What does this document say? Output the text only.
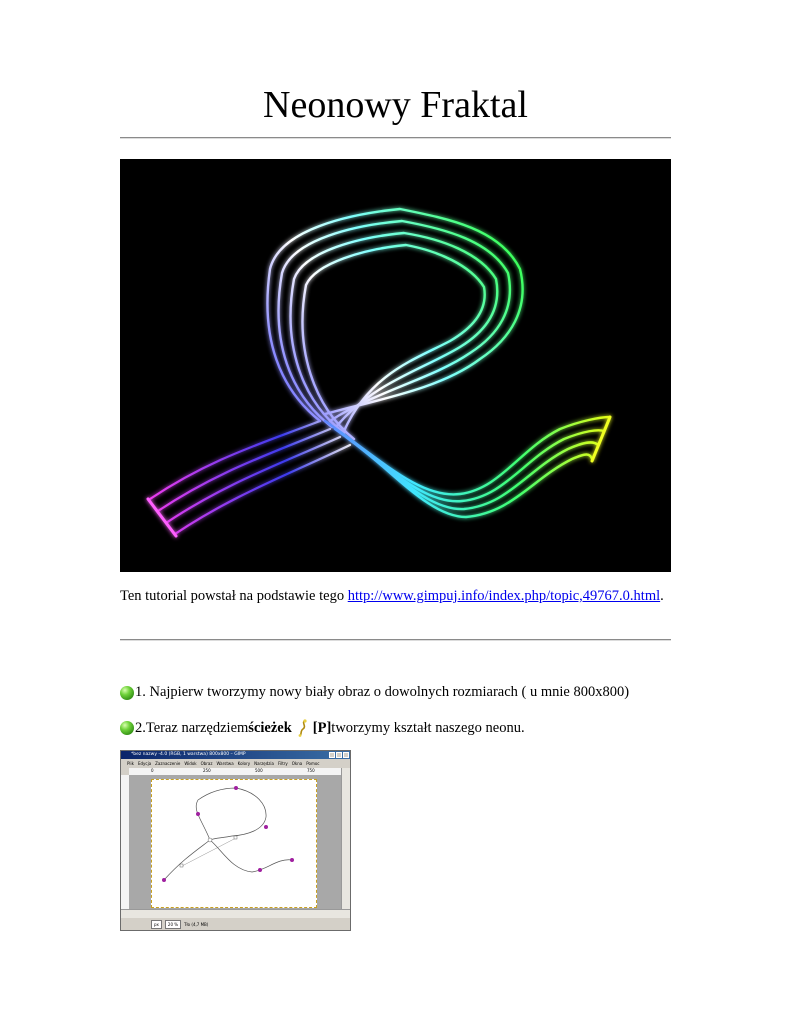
Neonowy Fraktal
Ten tutorial powstał na podstawie tego http://www.gimpuj.info/index.php/topic,49767.0.html.
1. Najpierw tworzymy nowy biały obraz o dowolnych rozmiarach ( u mnie 800x800)
2.Teraz narzędziem ścieżek [P] tworzymy kształt naszego neonu.
*bez nazwy -4.0 (RGB, 1 warstwa) 800x800 – GIMP
Plik Edycja Zaznaczenie Widok Obraz Warstwa Kolory Narzędzia Filtry Okna Pomoc
0	250	500	750
px	20 %	Tło (4,7 MB)
